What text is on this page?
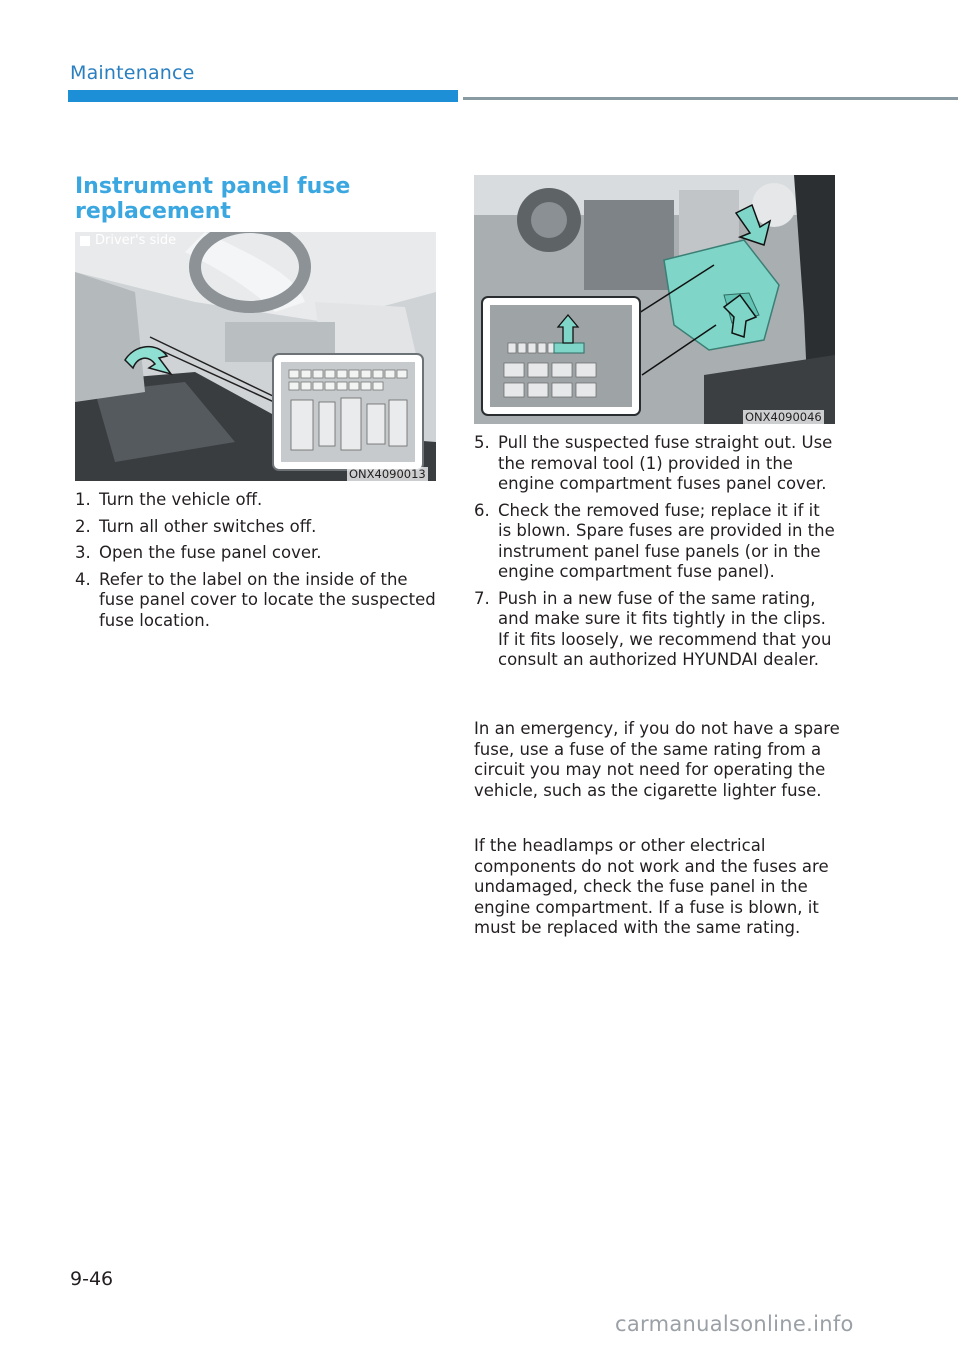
Maintenance
Instrument panel fuse replacement
Driver's side
ONX4090013
ONX4090046
1. Turn the vehicle off.
2. Turn all other switches off.
3. Open the fuse panel cover.
4. Refer to the label on the inside of the fuse panel cover to locate the suspected fuse location.
5. Pull the suspected fuse straight out. Use the removal tool (1) provided in the engine compartment fuses panel cover.
6. Check the removed fuse; replace it if it is blown. Spare fuses are provided in the instrument panel fuse panels (or in the engine compartment fuse panel).
7. Push in a new fuse of the same rating, and make sure it fits tightly in the clips. If it fits loosely, we recommend that you consult an authorized HYUNDAI dealer.

In an emergency, if you do not have a spare fuse, use a fuse of the same rating from a circuit you may not need for operating the vehicle, such as the cigarette lighter fuse.

If the headlamps or other electrical components do not work and the fuses are undamaged, check the fuse panel in the engine compartment. If a fuse is blown, it must be replaced with the same rating.

9-46
carmanualsonline.info
